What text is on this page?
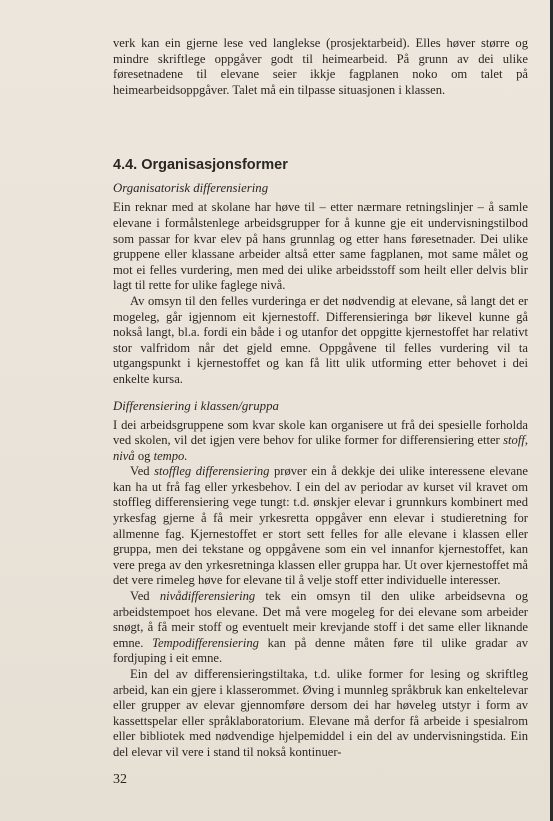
verk kan ein gjerne lese ved langlekse (prosjektarbeid). Elles høver større og mindre skriftlege oppgåver godt til heimearbeid. På grunn av dei ulike føresetnadene til elevane seier ikkje fagplanen noko om talet på heimearbeidsoppgåver. Talet må ein tilpasse situasjonen i klassen.

4.4. Organisasjonsformer
Organisatorisk differensiering

Ein reknar med at skolane har høve til – etter nærmare retningslinjer – å samle elevane i formålstenlege arbeidsgrupper for å kunne gje eit undervisningstilbod som passar for kvar elev på hans grunnlag og etter hans føresetnader. Dei ulike gruppene eller klassane arbeider altså etter same fagplanen, mot same målet og mot ei felles vurdering, men med dei ulike arbeidsstoff som heilt eller delvis blir lagt til rette for ulike faglege nivå.

Av omsyn til den felles vurderinga er det nødvendig at elevane, så langt det er mogeleg, går igjennom eit kjernestoff. Differensieringa bør likevel kunne gå nokså langt, bl.a. fordi ein både i og utanfor det oppgitte kjernestoffet har relativt stor valfridom når det gjeld emne. Oppgåvene til felles vurdering vil ta utgangspunkt i kjernestoffet og kan få litt ulik utforming etter behovet i dei enkelte kursa.

Differensiering i klassen/gruppa

I dei arbeidsgruppene som kvar skole kan organisere ut frå dei spesielle forholda ved skolen, vil det igjen vere behov for ulike former for differensiering etter stoff, nivå og tempo.

Ved stoffleg differensiering prøver ein å dekkje dei ulike interessene elevane kan ha ut frå fag eller yrkesbehov. I ein del av periodar av kurset vil kravet om stoffleg differensiering vege tungt: t.d. ønskjer elevar i grunnkurs kombinert med yrkesfag gjerne å få meir yrkesretta oppgåver enn elevar i studieretning for allmenne fag. Kjernestoffet er stort sett felles for alle elevane i klassen eller gruppa, men dei tekstane og oppgåvene som ein vel innanfor kjernestoffet, kan vere prega av den yrkesretninga klassen eller gruppa har. Ut over kjernestoffet må det vere rimeleg høve for elevane til å velje stoff etter individuelle interesser.

Ved nivådifferensiering tek ein omsyn til den ulike arbeidsevna og arbeidstempoet hos elevane. Det må vere mogeleg for dei elevane som arbeider snøgt, å få meir stoff og eventuelt meir krevjande stoff i det same eller liknande emne. Tempodifferensiering kan på denne måten føre til ulike gradar av fordjuping i eit emne.

Ein del av differensieringstiltaka, t.d. ulike former for lesing og skriftleg arbeid, kan ein gjere i klasserommet. Øving i munnleg språkbruk kan enkeltelevar eller grupper av elevar gjennomføre dersom dei har høveleg utstyr i form av kassettspelar eller språklaboratorium. Elevane må derfor få arbeide i spesialrom eller bibliotek med nødvendige hjelpemiddel i ein del av undervisningstida. Ein del elevar vil vere i stand til nokså kontinuer-

32
